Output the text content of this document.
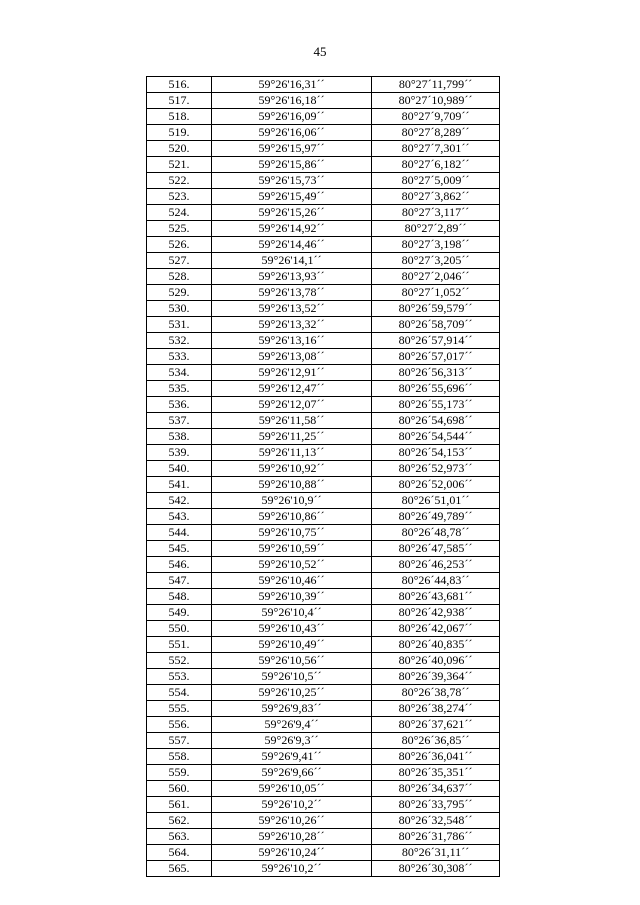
45
516.	59°26'16,31´´	80°27´11,799´´
517.	59°26'16,18´´	80°27´10,989´´
518.	59°26'16,09´´	80°27´9,709´´
519.	59°26'16,06´´	80°27´8,289´´
520.	59°26'15,97´´	80°27´7,301´´
521.	59°26'15,86´´	80°27´6,182´´
522.	59°26'15,73´´	80°27´5,009´´
523.	59°26'15,49´´	80°27´3,862´´
524.	59°26'15,26´´	80°27´3,117´´
525.	59°26'14,92´´	80°27´2,89´´
526.	59°26'14,46´´	80°27´3,198´´
527.	59°26'14,1´´	80°27´3,205´´
528.	59°26'13,93´´	80°27´2,046´´
529.	59°26'13,78´´	80°27´1,052´´
530.	59°26'13,52´´	80°26´59,579´´
531.	59°26'13,32´´	80°26´58,709´´
532.	59°26'13,16´´	80°26´57,914´´
533.	59°26'13,08´´	80°26´57,017´´
534.	59°26'12,91´´	80°26´56,313´´
535.	59°26'12,47´´	80°26´55,696´´
536.	59°26'12,07´´	80°26´55,173´´
537.	59°26'11,58´´	80°26´54,698´´
538.	59°26'11,25´´	80°26´54,544´´
539.	59°26'11,13´´	80°26´54,153´´
540.	59°26'10,92´´	80°26´52,973´´
541.	59°26'10,88´´	80°26´52,006´´
542.	59°26'10,9´´	80°26´51,01´´
543.	59°26'10,86´´	80°26´49,789´´
544.	59°26'10,75´´	80°26´48,78´´
545.	59°26'10,59´´	80°26´47,585´´
546.	59°26'10,52´´	80°26´46,253´´
547.	59°26'10,46´´	80°26´44,83´´
548.	59°26'10,39´´	80°26´43,681´´
549.	59°26'10,4´´	80°26´42,938´´
550.	59°26'10,43´´	80°26´42,067´´
551.	59°26'10,49´´	80°26´40,835´´
552.	59°26'10,56´´	80°26´40,096´´
553.	59°26'10,5´´	80°26´39,364´´
554.	59°26'10,25´´	80°26´38,78´´
555.	59°26'9,83´´	80°26´38,274´´
556.	59°26'9,4´´	80°26´37,621´´
557.	59°26'9,3´´	80°26´36,85´´
558.	59°26'9,41´´	80°26´36,041´´
559.	59°26'9,66´´	80°26´35,351´´
560.	59°26'10,05´´	80°26´34,637´´
561.	59°26'10,2´´	80°26´33,795´´
562.	59°26'10,26´´	80°26´32,548´´
563.	59°26'10,28´´	80°26´31,786´´
564.	59°26'10,24´´	80°26´31,11´´
565.	59°26'10,2´´	80°26´30,308´´
